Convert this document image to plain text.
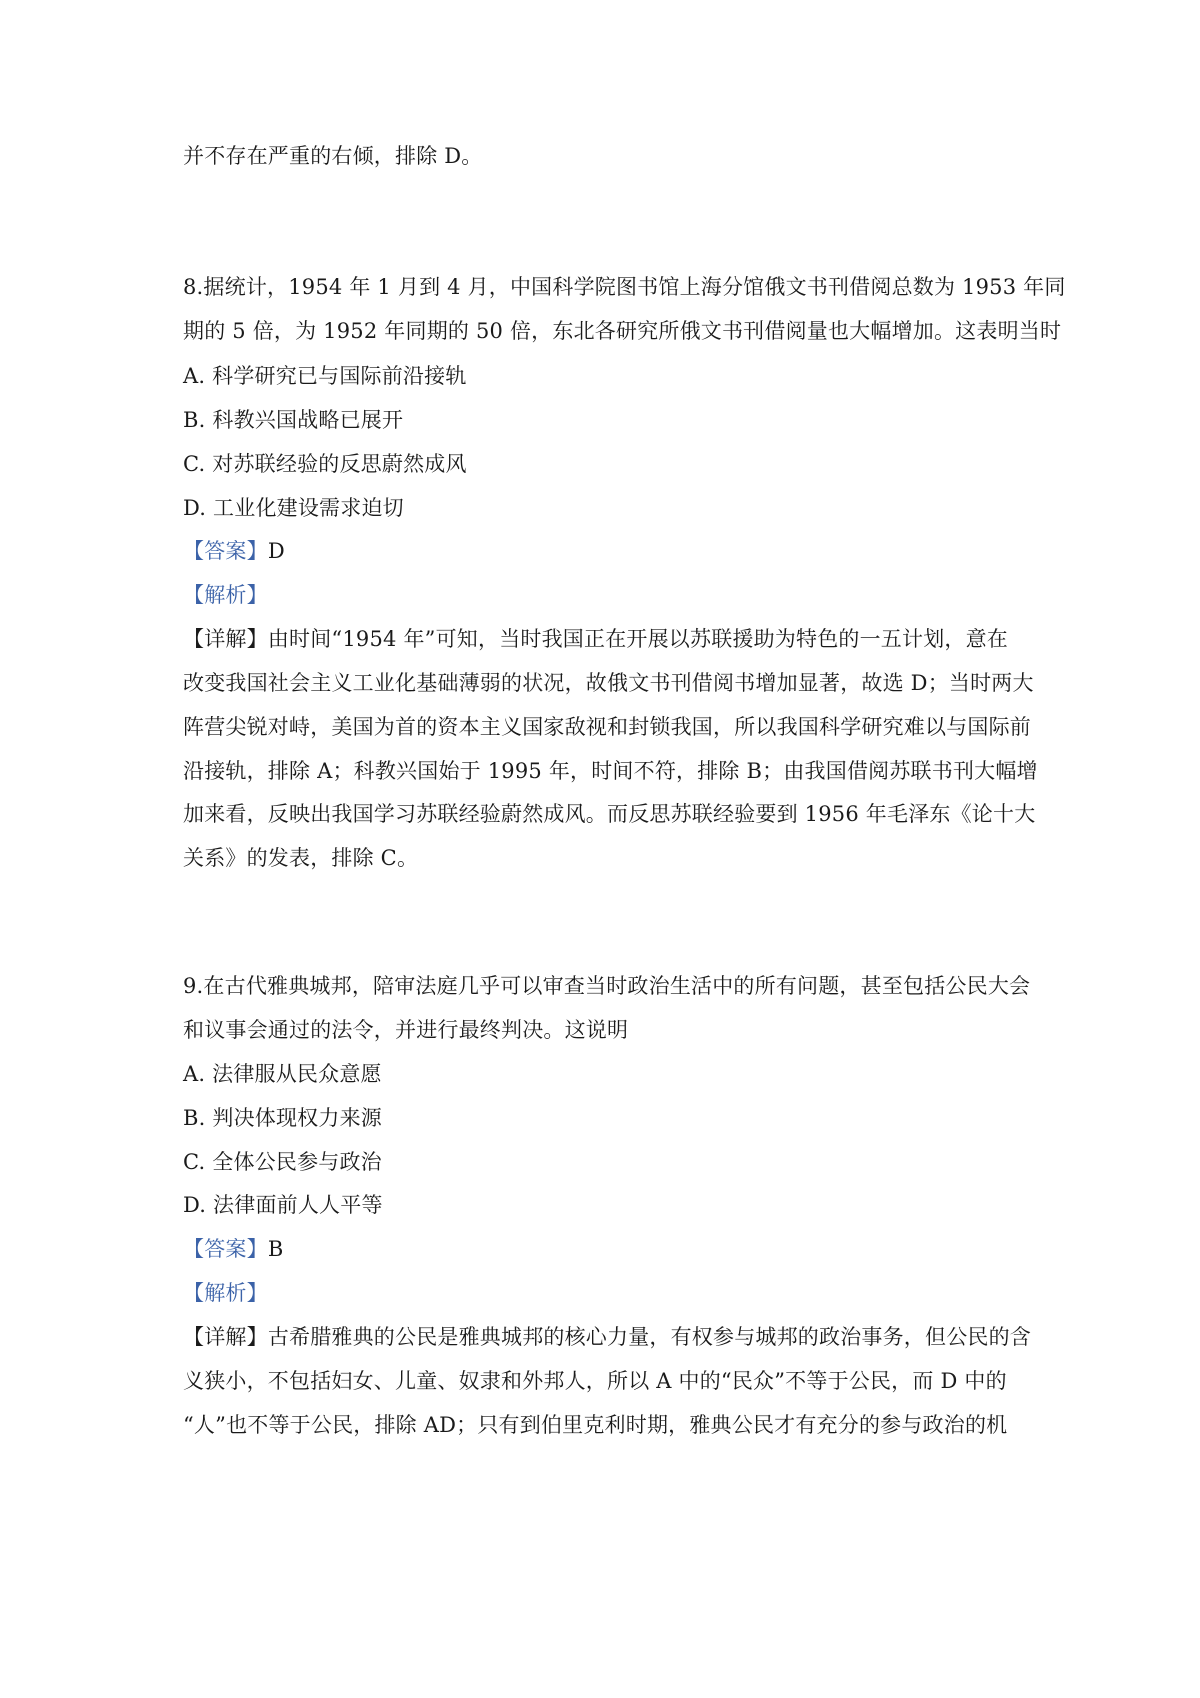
并不存在严重的右倾，排除 D。
8.据统计，1954 年 1 月到 4 月，中国科学院图书馆上海分馆俄文书刊借阅总数为 1953 年同
期的 5 倍，为 1952 年同期的 50 倍，东北各研究所俄文书刊借阅量也大幅增加。这表明当时
A. 科学研究已与国际前沿接轨
B. 科教兴国战略已展开
C. 对苏联经验的反思蔚然成风
D. 工业化建设需求迫切
【答案】D
【解析】
【详解】由时间“1954 年”可知，当时我国正在开展以苏联援助为特色的一五计划，意在
改变我国社会主义工业化基础薄弱的状况，故俄文书刊借阅书增加显著，故选 D；当时两大
阵营尖锐对峙，美国为首的资本主义国家敌视和封锁我国，所以我国科学研究难以与国际前
沿接轨，排除 A；科教兴国始于 1995 年，时间不符，排除 B；由我国借阅苏联书刊大幅增
加来看，反映出我国学习苏联经验蔚然成风。而反思苏联经验要到 1956 年毛泽东《论十大
关系》的发表，排除 C。
9.在古代雅典城邦，陪审法庭几乎可以审查当时政治生活中的所有问题，甚至包括公民大会
和议事会通过的法令，并进行最终判决。这说明
A. 法律服从民众意愿
B. 判决体现权力来源
C. 全体公民参与政治
D. 法律面前人人平等
【答案】B
【解析】
【详解】古希腊雅典的公民是雅典城邦的核心力量，有权参与城邦的政治事务，但公民的含
义狭小，不包括妇女、儿童、奴隶和外邦人，所以 A 中的“民众”不等于公民，而 D 中的
“人”也不等于公民，排除 AD；只有到伯里克利时期，雅典公民才有充分的参与政治的机
